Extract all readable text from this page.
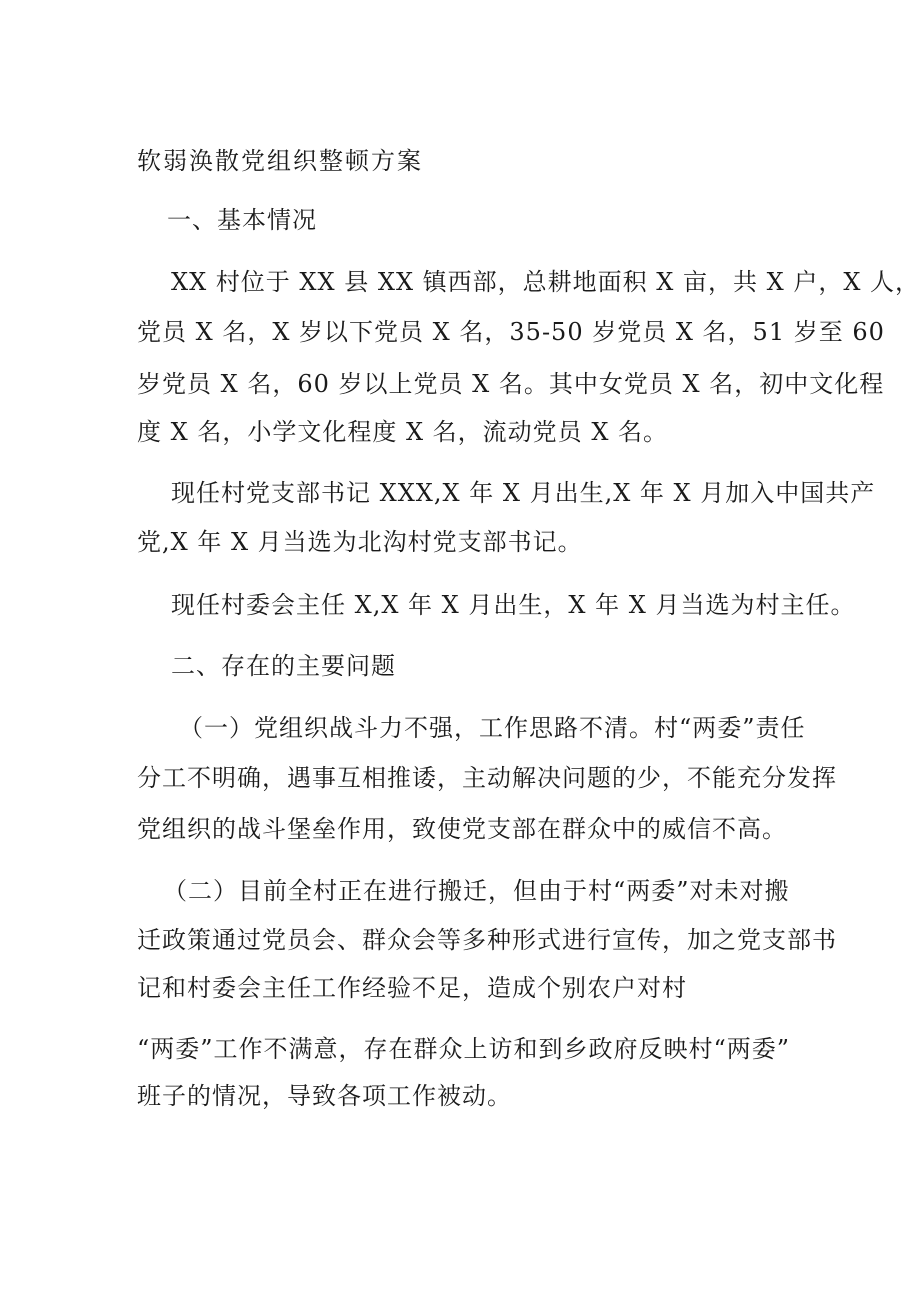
软弱涣散党组织整顿方案
一、基本情况
XX 村位于 XX 县 XX 镇西部，总耕地面积 X 亩，共 X 户，X 人，
党员 X 名，X 岁以下党员 X 名，35-50 岁党员 X 名，51 岁至 60
岁党员 X 名，60 岁以上党员 X 名。其中女党员 X 名，初中文化程
度 X 名，小学文化程度 X 名，流动党员 X 名。
现任村党支部书记 XXX,X 年 X 月出生,X 年 X 月加入中国共产
党,X 年 X 月当选为北沟村党支部书记。
现任村委会主任 X,X 年 X 月出生，X 年 X 月当选为村主任。
二、存在的主要问题
（一）党组织战斗力不强，工作思路不清。村“两委”责任
分工不明确，遇事互相推诿，主动解决问题的少，不能充分发挥
党组织的战斗堡垒作用，致使党支部在群众中的威信不高。
（二）目前全村正在进行搬迁，但由于村“两委”对未对搬
迁政策通过党员会、群众会等多种形式进行宣传，加之党支部书
记和村委会主任工作经验不足，造成个别农户对村
“两委”工作不满意，存在群众上访和到乡政府反映村“两委”
班子的情况，导致各项工作被动。
